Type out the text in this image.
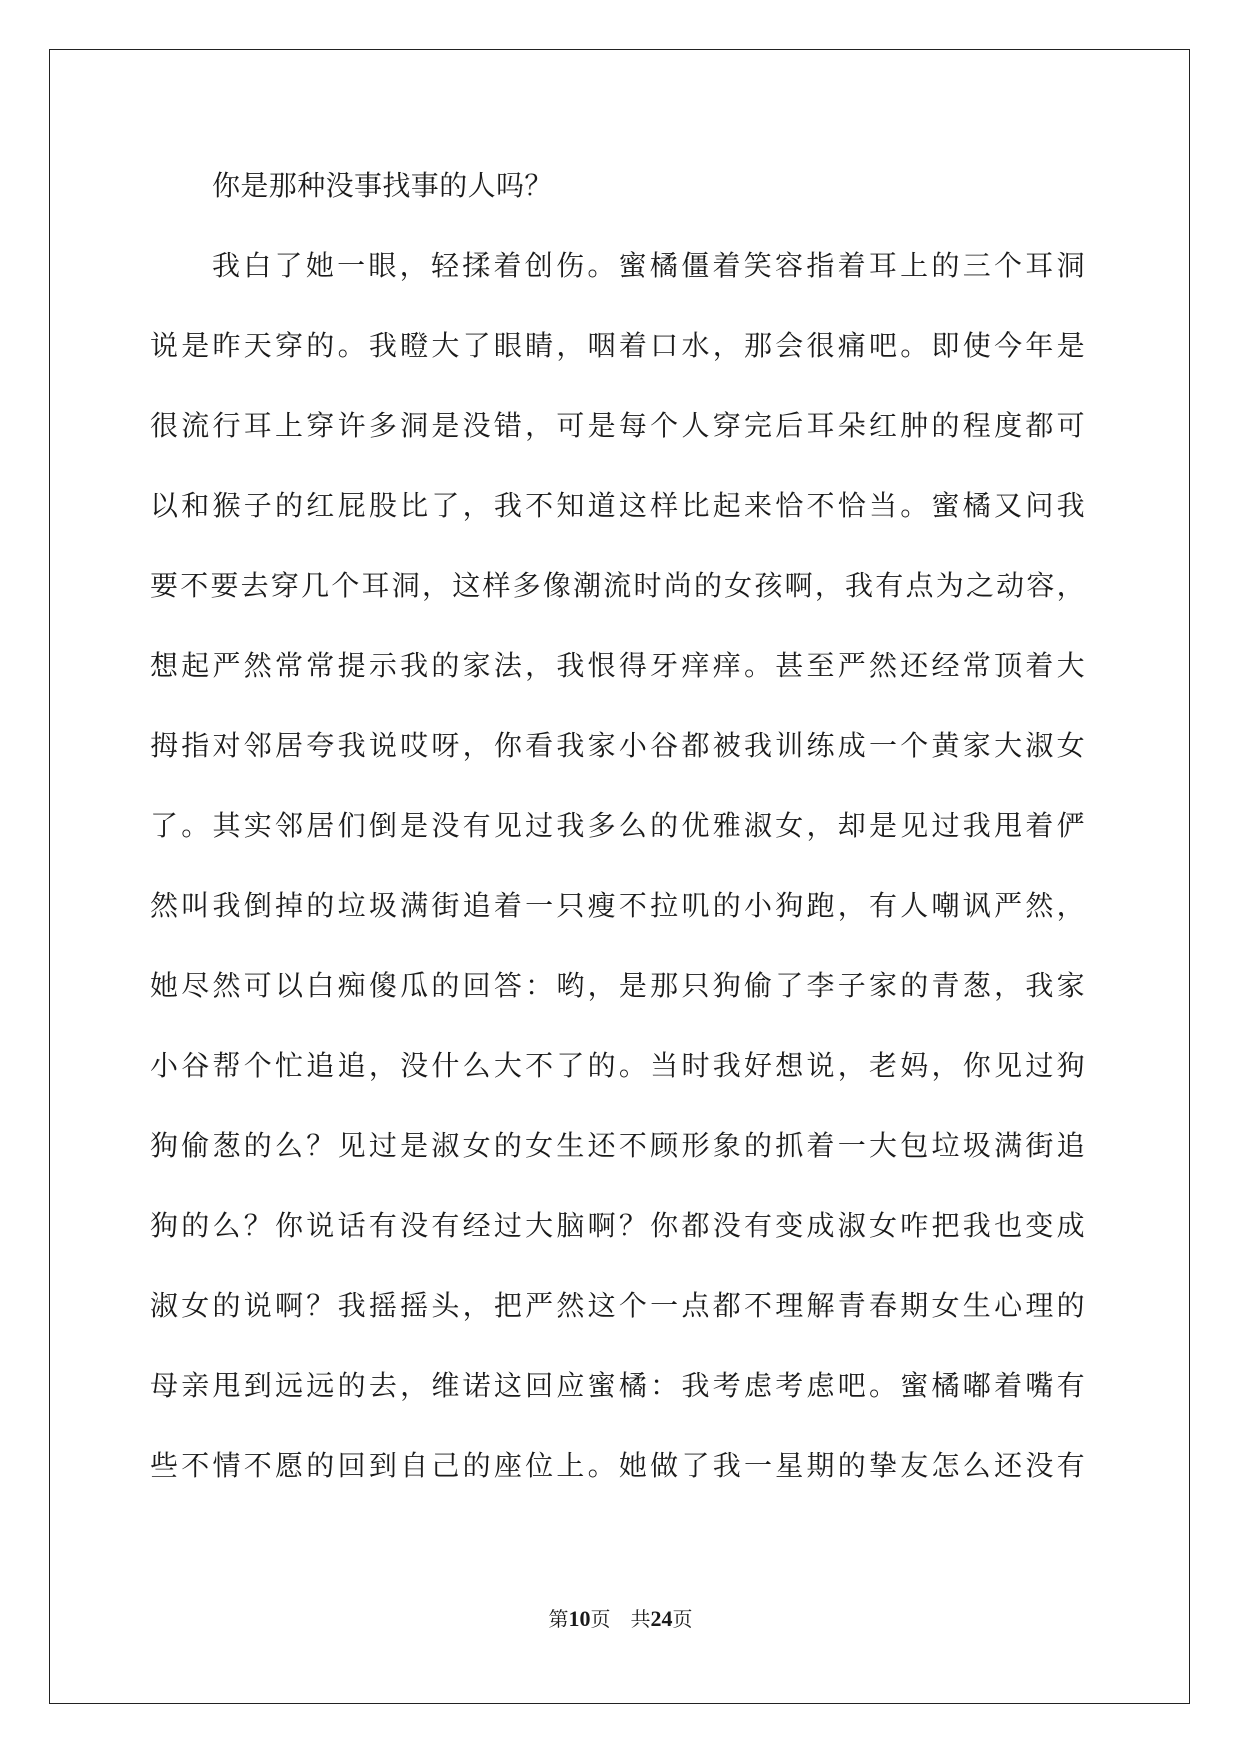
你是那种没事找事的人吗？
我白了她一眼，轻揉着创伤。蜜橘僵着笑容指着耳上的三个耳洞
说是昨天穿的。我瞪大了眼睛，咽着口水，那会很痛吧。即使今年是
很流行耳上穿许多洞是没错，可是每个人穿完后耳朵红肿的程度都可
以和猴子的红屁股比了，我不知道这样比起来恰不恰当。蜜橘又问我
要不要去穿几个耳洞，这样多像潮流时尚的女孩啊，我有点为之动容，
想起严然常常提示我的家法，我恨得牙痒痒。甚至严然还经常顶着大
拇指对邻居夸我说哎呀，你看我家小谷都被我训练成一个黄家大淑女
了。其实邻居们倒是没有见过我多么的优雅淑女，却是见过我甩着俨
然叫我倒掉的垃圾满街追着一只瘦不拉叽的小狗跑，有人嘲讽严然，
她尽然可以白痴傻瓜的回答：哟，是那只狗偷了李子家的青葱，我家
小谷帮个忙追追，没什么大不了的。当时我好想说，老妈，你见过狗
狗偷葱的么？见过是淑女的女生还不顾形象的抓着一大包垃圾满街追
狗的么？你说话有没有经过大脑啊？你都没有变成淑女咋把我也变成
淑女的说啊？我摇摇头，把严然这个一点都不理解青春期女生心理的
母亲甩到远远的去，维诺这回应蜜橘：我考虑考虑吧。蜜橘嘟着嘴有
些不情不愿的回到自己的座位上。她做了我一星期的挚友怎么还没有
第10页 共24页
